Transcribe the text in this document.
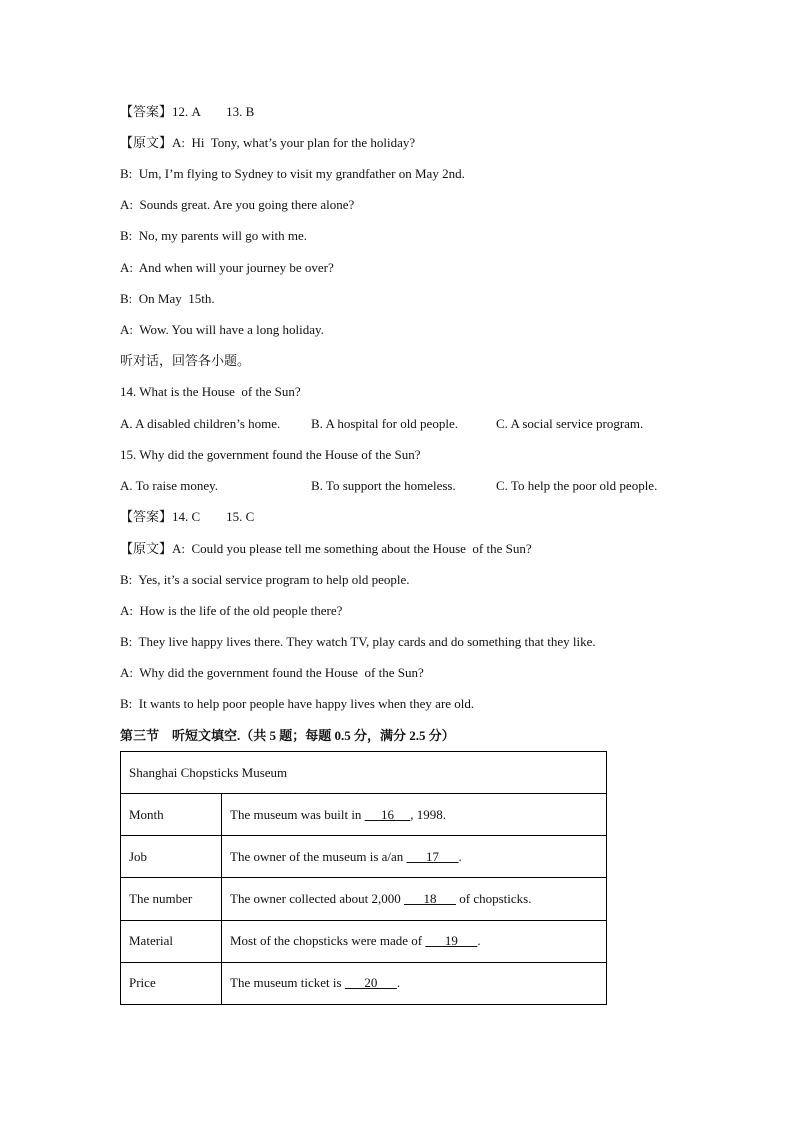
【答案】12. A        13. B
【原文】A:  Hi  Tony, what’s your plan for the holiday?
B:  Um, I’m flying to Sydney to visit my grandfather on May 2nd.
A:  Sounds great. Are you going there alone?
B:  No, my parents will go with me.
A:  And when will your journey be over?
B:  On May  15th.
A:  Wow. You will have a long holiday.
听对话，回答各小题。
14. What is the House  of the Sun?
A. A disabled children’s home. B. A hospital for old people.	C. A social service program.
15. Why did the government found the House of the Sun?
A. To raise money.	B. To support the homeless.	C. To help the poor old people.
【答案】14. C        15. C
【原文】A:  Could you please tell me something about the House  of the Sun?
B:  Yes, it’s a social service program to help old people.
A:  How is the life of the old people there?
B:  They live happy lives there. They watch TV, play cards and do something that they like.
A:  Why did the government found the House  of the Sun?
B:  It wants to help poor people have happy lives when they are old.
第三节    听短文填空.（共 5 题；每题 0.5 分，满分 2.5 分）
Shanghai Chopsticks Museum	
Month	The museum was built in      16     , 1998.
Job	The owner of the museum is a/an       17      .
The number	The owner collected about 2,000       18       of chopsticks.
Material	Most of the chopsticks were made of       19      .
Price	The museum ticket is       20      .
